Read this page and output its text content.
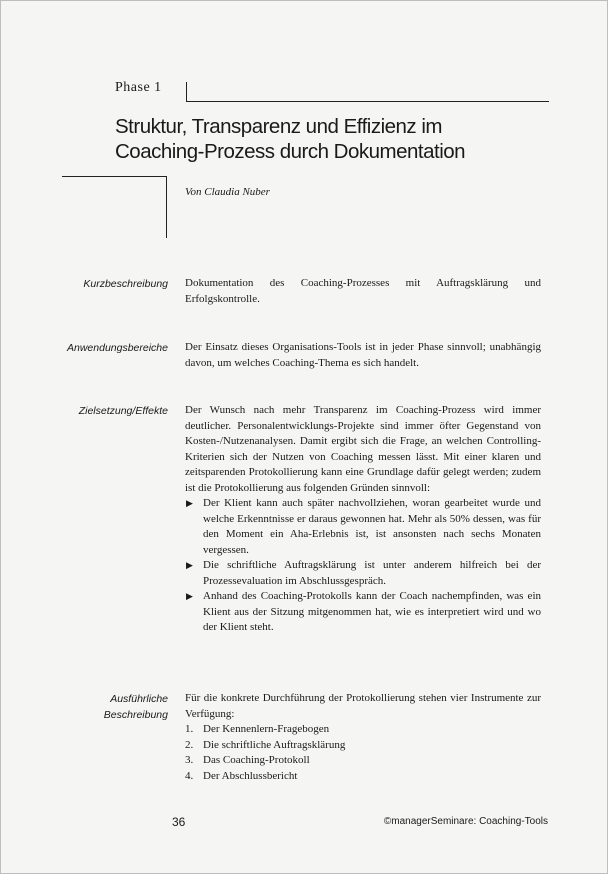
Phase 1
Struktur, Transparenz und Effizienz im
Coaching-Prozess durch Dokumentation
Von Claudia Nuber
Kurzbeschreibung Dokumentation des Coaching-Prozesses mit Auftragsklärung und Erfolgskontrolle.

Anwendungsbereiche Der Einsatz dieses Organisations-Tools ist in jeder Phase sinnvoll; unabhängig davon, um welches Coaching-Thema es sich handelt.

Zielsetzung/Effekte Der Wunsch nach mehr Transparenz im Coaching-Prozess wird immer deutlicher. Personalentwicklungs-Projekte sind immer öfter Gegenstand von Kosten-/Nutzenanalysen. Damit ergibt sich die Frage, an welchen Controlling-Kriterien sich der Nutzen von Coaching messen lässt. Mit einer klaren und zeitsparenden Protokollierung kann eine Grundlage dafür gelegt werden; zudem ist die Protokollierung aus folgenden Gründen sinnvoll:

▶ Der Klient kann auch später nachvollziehen, woran gearbeitet wurde und welche Erkenntnisse er daraus gewonnen hat. Mehr als 50% dessen, was für den Moment ein Aha-Erlebnis ist, ist ansonsten nach sechs Monaten vergessen.
▶ Die schriftliche Auftragsklärung ist unter anderem hilfreich bei der Prozessevaluation im Abschlussgespräch.
▶ Anhand des Coaching-Protokolls kann der Coach nachempfinden, was ein Klient aus der Sitzung mitgenommen hat, wie es interpretiert wird und wo der Klient steht.
Ausführliche
Beschreibung

Für die konkrete Durchführung der Protokollierung stehen vier Instrumente zur Verfügung:

1. Der Kennenlern-Fragebogen
2. Die schriftliche Auftragsklärung
3. Das Coaching-Protokoll
4. Der Abschlussbericht
36	©managerSeminare: Coaching-Tools
